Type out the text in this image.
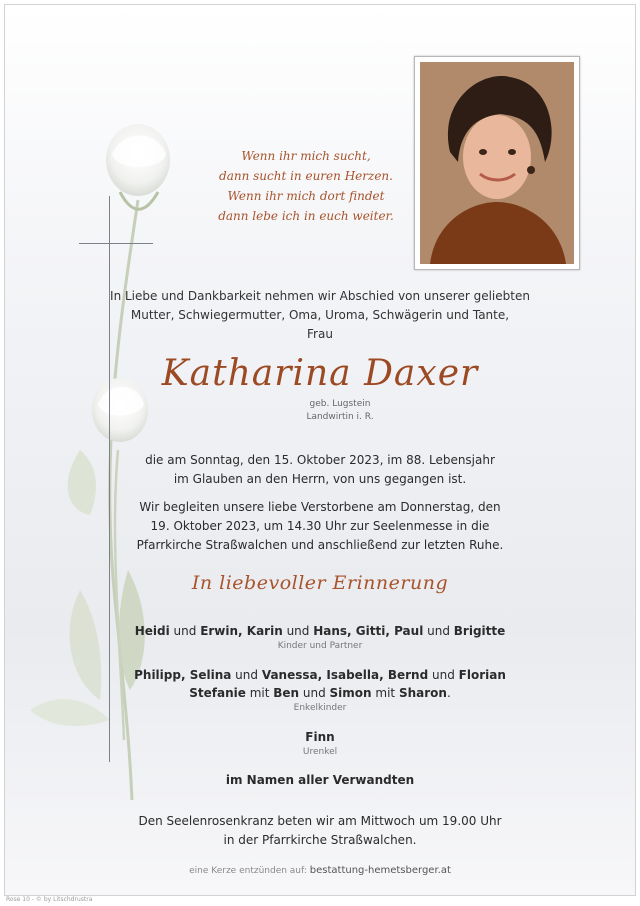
Wenn ihr mich sucht,
dann sucht in euren Herzen.
Wenn ihr mich dort findet
dann lebe ich in euch weiter.
In Liebe und Dankbarkeit nehmen wir Abschied von unserer geliebten
Mutter, Schwiegermutter, Oma, Uroma, Schwägerin und Tante,
Frau
Katharina Daxer
geb. Lugstein
Landwirtin i. R.
die am Sonntag, den 15. Oktober 2023, im 88. Lebensjahr
im Glauben an den Herrn, von uns gegangen ist.
Wir begleiten unsere liebe Verstorbene am Donnerstag, den
19. Oktober 2023, um 14.30 Uhr zur Seelenmesse in die
Pfarrkirche Straßwalchen und anschließend zur letzten Ruhe.
In liebevoller Erinnerung
Heidi und Erwin, Karin und Hans, Gitti, Paul und Brigitte
Kinder und Partner
Philipp, Selina und Vanessa, Isabella, Bernd und Florian
Stefanie mit Ben und Simon mit Sharon.
Enkelkinder
Finn
Urenkel
im Namen aller Verwandten
Den Seelenrosenkranz beten wir am Mittwoch um 19.00 Uhr
in der Pfarrkirche Straßwalchen.
eine Kerze entzünden auf: bestattung-hemetsberger.at
Rose 10 - © by Litschdrustra
